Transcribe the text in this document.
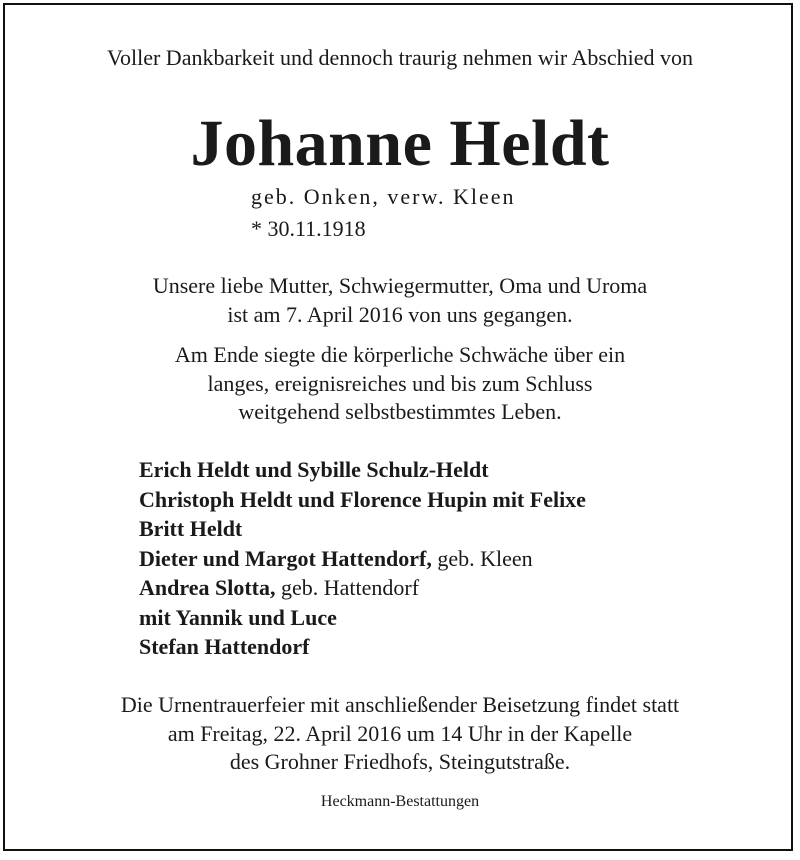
Voller Dankbarkeit und dennoch traurig nehmen wir Abschied von
Johanne Heldt
geb. Onken, verw. Kleen
* 30.11.1918
Unsere liebe Mutter, Schwiegermutter, Oma und Uroma
ist am 7. April 2016 von uns gegangen.
Am Ende siegte die körperliche Schwäche über ein
langes, ereignisreiches und bis zum Schluss
weitgehend selbstbestimmtes Leben.
Erich Heldt und Sybille Schulz-Heldt
Christoph Heldt und Florence Hupin mit Felixe
Britt Heldt
Dieter und Margot Hattendorf, geb. Kleen
Andrea Slotta, geb. Hattendorf
mit Yannik und Luce
Stefan Hattendorf
Die Urnentrauerfeier mit anschließender Beisetzung findet statt
am Freitag, 22. April 2016 um 14 Uhr in der Kapelle
des Grohner Friedhofs, Steingutstraße.
Heckmann-Bestattungen
